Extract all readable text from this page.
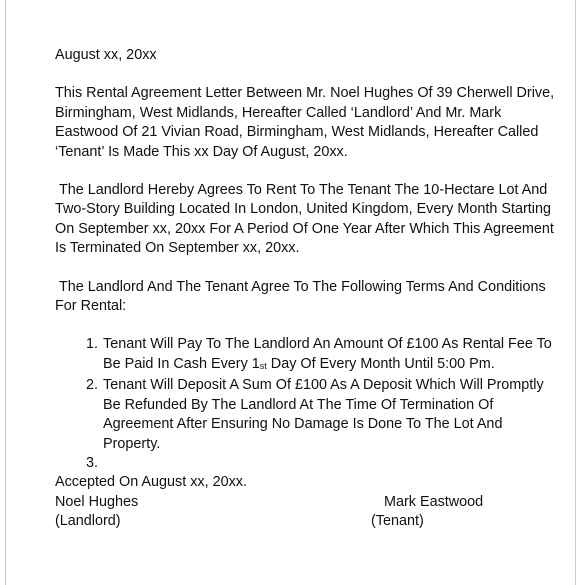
August xx, 20xx

This Rental Agreement Letter Between Mr. Noel Hughes Of 39 Cherwell Drive, Birmingham, West Midlands, Hereafter Called ‘Landlord’ And Mr. Mark Eastwood Of 21 Vivian Road, Birmingham, West Midlands, Hereafter Called ‘Tenant’ Is Made This xx Day Of August, 20xx.

The Landlord Hereby Agrees To Rent To The Tenant The 10-Hectare Lot And Two-Story Building Located In London, United Kingdom, Every Month Starting On September xx, 20xx For A Period Of One Year After Which This Agreement Is Terminated On September xx, 20xx.

The Landlord And The Tenant Agree To The Following Terms And Conditions For Rental:

1. Tenant Will Pay To The Landlord An Amount Of £100 As Rental Fee To Be Paid In Cash Every $1_{st}$ Day Of Every Month Until 5:00 Pm.
2. Tenant Will Deposit A Sum Of £100 As A Deposit Which Will Promptly Be Refunded By The Landlord At The Time Of Termination Of Agreement After Ensuring No Damage Is Done To The Lot And Property.
3.

Accepted On August xx, 20xx.

Noel Hughes	Mark Eastwood
(Landlord)	(Tenant)
